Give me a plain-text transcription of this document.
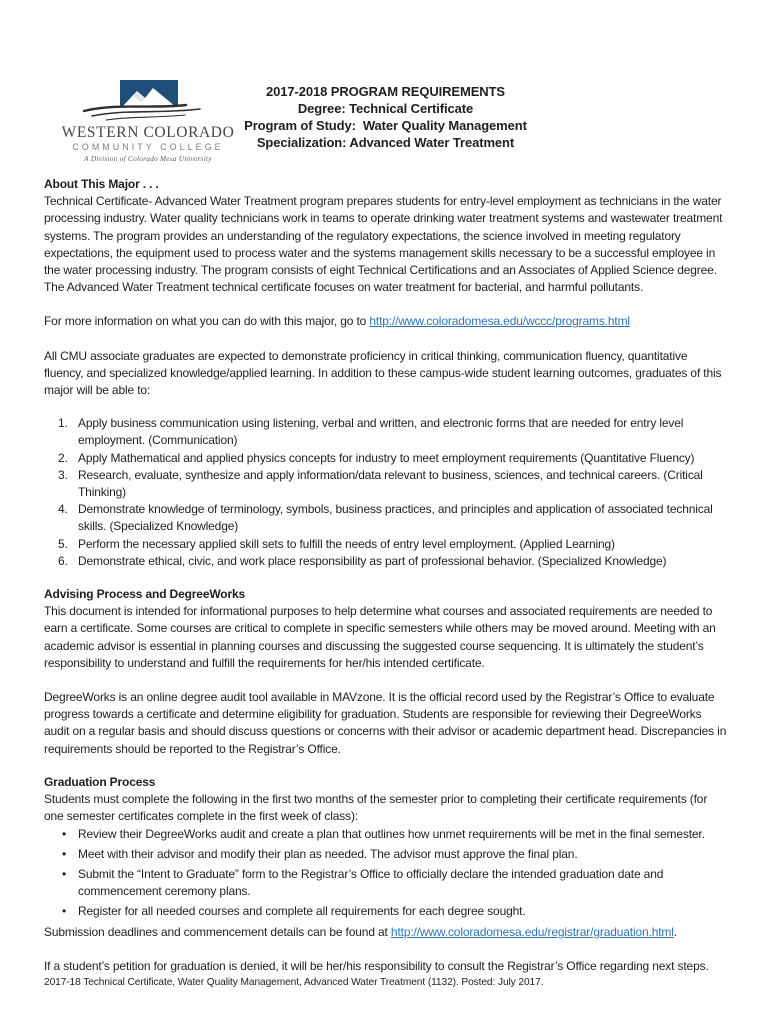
WESTERN COLORADO
COMMUNITY COLLEGE
A Division of Colorado Mesa University
2017-2018 PROGRAM REQUIREMENTS
Degree: Technical Certificate
Program of Study:  Water Quality Management
Specialization: Advanced Water Treatment

About This Major . . .

Technical Certificate- Advanced Water Treatment program prepares students for entry-level employment as technicians in the water processing industry. Water quality technicians work in teams to operate drinking water treatment systems and wastewater treatment systems. The program provides an understanding of the regulatory expectations, the science involved in meeting regulatory expectations, the equipment used to process water and the systems management skills necessary to be a successful employee in the water processing industry. The program consists of eight Technical Certifications and an Associates of Applied Science degree. The Advanced Water Treatment technical certificate focuses on water treatment for bacterial, and harmful pollutants.

For more information on what you can do with this major, go to http://www.coloradomesa.edu/wccc/programs.html

All CMU associate graduates are expected to demonstrate proficiency in critical thinking, communication fluency, quantitative fluency, and specialized knowledge/applied learning. In addition to these campus-wide student learning outcomes, graduates of this major will be able to:

Apply business communication using listening, verbal and written, and electronic forms that are needed for entry level employment. (Communication)
Apply Mathematical and applied physics concepts for industry to meet employment requirements (Quantitative Fluency)
Research, evaluate, synthesize and apply information/data relevant to business, sciences, and technical careers. (Critical Thinking)
Demonstrate knowledge of terminology, symbols, business practices, and principles and application of associated technical skills. (Specialized Knowledge)
Perform the necessary applied skill sets to fulfill the needs of entry level employment. (Applied Learning)
Demonstrate ethical, civic, and work place responsibility as part of professional behavior. (Specialized Knowledge)

Advising Process and DegreeWorks

This document is intended for informational purposes to help determine what courses and associated requirements are needed to earn a certificate. Some courses are critical to complete in specific semesters while others may be moved around. Meeting with an academic advisor is essential in planning courses and discussing the suggested course sequencing. It is ultimately the student’s responsibility to understand and fulfill the requirements for her/his intended certificate.

DegreeWorks is an online degree audit tool available in MAVzone. It is the official record used by the Registrar’s Office to evaluate progress towards a certificate and determine eligibility for graduation. Students are responsible for reviewing their DegreeWorks audit on a regular basis and should discuss questions or concerns with their advisor or academic department head. Discrepancies in requirements should be reported to the Registrar’s Office.

Graduation Process

Students must complete the following in the first two months of the semester prior to completing their certificate requirements (for one semester certificates complete in the first week of class):

• Review their DegreeWorks audit and create a plan that outlines how unmet requirements will be met in the final semester.
• Meet with their advisor and modify their plan as needed. The advisor must approve the final plan.
• Submit the “Intent to Graduate” form to the Registrar’s Office to officially declare the intended graduation date and commencement ceremony plans.
• Register for all needed courses and complete all requirements for each degree sought.

Submission deadlines and commencement details can be found at http://www.coloradomesa.edu/registrar/graduation.html.

If a student’s petition for graduation is denied, it will be her/his responsibility to consult the Registrar’s Office regarding next steps.

2017-18 Technical Certificate, Water Quality Management, Advanced Water Treatment (1132). Posted: July 2017.
